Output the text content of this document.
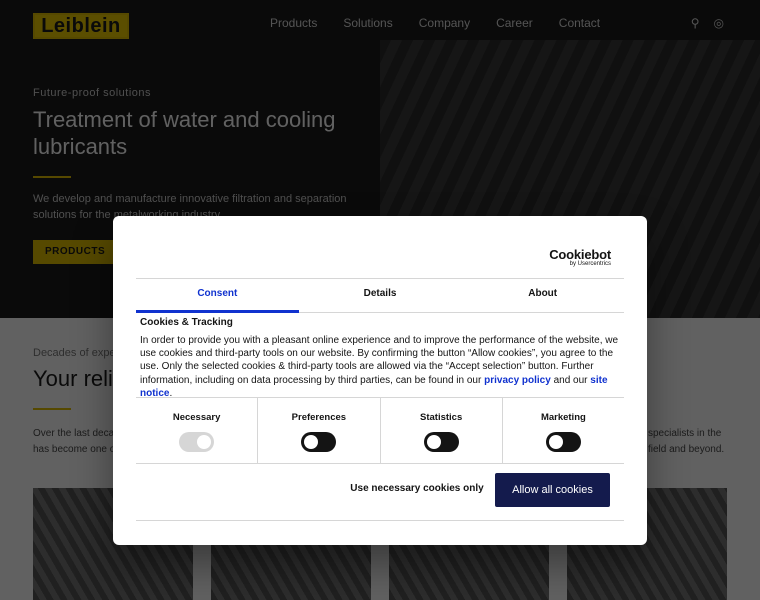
Cookiebot
by Usercentrics
Consent	Details	About
Cookies & Tracking
In order to provide you with a pleasant online experience and to improve the performance of the website, we use cookies and third-party tools on our website. By confirming the button “Allow cookies”, you agree to the use. Only the selected cookies & third-party tools are allowed via the “Accept selection” button. Further information, including on data processing by third parties, can be found in our privacy policy and our site notice.
Necessary	Preferences	Statistics	Marketing
Use necessary cookies only	Allow all cookies
